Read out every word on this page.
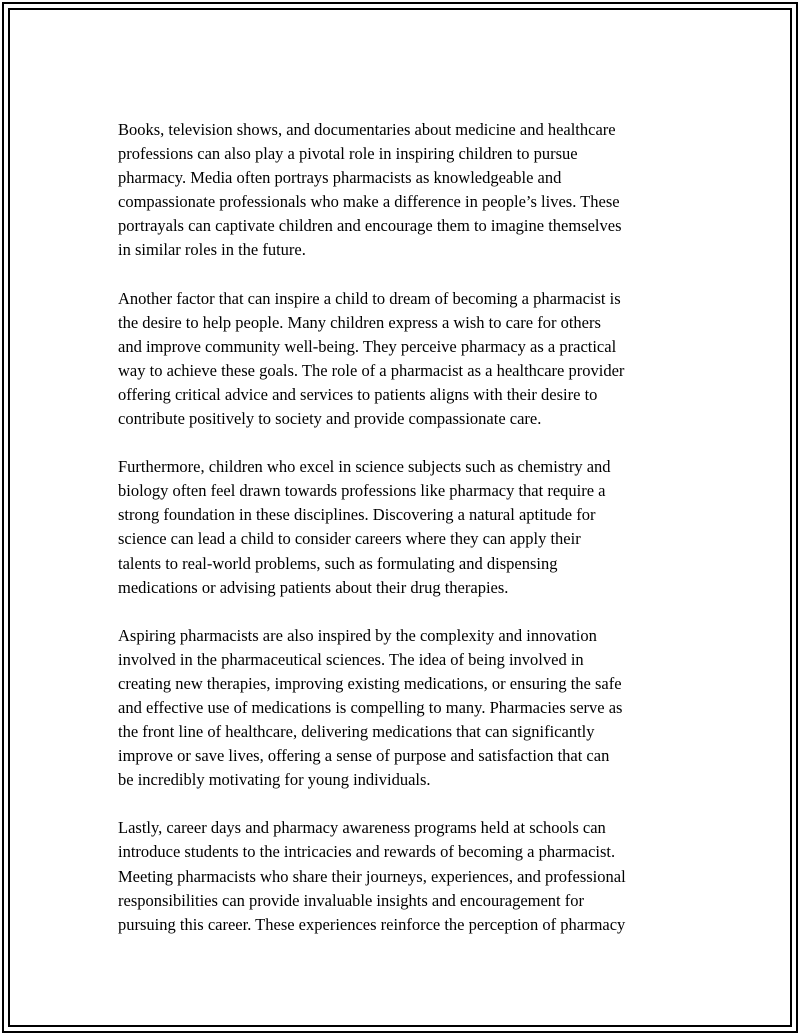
Books, television shows, and documentaries about medicine and healthcare
professions can also play a pivotal role in inspiring children to pursue
pharmacy. Media often portrays pharmacists as knowledgeable and
compassionate professionals who make a difference in people’s lives. These
portrayals can captivate children and encourage them to imagine themselves
in similar roles in the future.

Another factor that can inspire a child to dream of becoming a pharmacist is
the desire to help people. Many children express a wish to care for others
and improve community well-being. They perceive pharmacy as a practical
way to achieve these goals. The role of a pharmacist as a healthcare provider
offering critical advice and services to patients aligns with their desire to
contribute positively to society and provide compassionate care.

Furthermore, children who excel in science subjects such as chemistry and
biology often feel drawn towards professions like pharmacy that require a
strong foundation in these disciplines. Discovering a natural aptitude for
science can lead a child to consider careers where they can apply their
talents to real-world problems, such as formulating and dispensing
medications or advising patients about their drug therapies.

Aspiring pharmacists are also inspired by the complexity and innovation
involved in the pharmaceutical sciences. The idea of being involved in
creating new therapies, improving existing medications, or ensuring the safe
and effective use of medications is compelling to many. Pharmacies serve as
the front line of healthcare, delivering medications that can significantly
improve or save lives, offering a sense of purpose and satisfaction that can
be incredibly motivating for young individuals.

Lastly, career days and pharmacy awareness programs held at schools can
introduce students to the intricacies and rewards of becoming a pharmacist.
Meeting pharmacists who share their journeys, experiences, and professional
responsibilities can provide invaluable insights and encouragement for
pursuing this career. These experiences reinforce the perception of pharmacy
